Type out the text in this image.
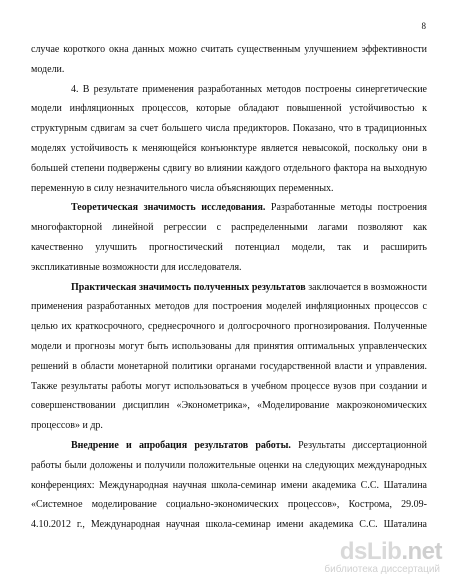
8

случае короткого окна данных можно считать существенным улучшением эффективности модели.

4. В результате применения разработанных методов построены синергетические модели инфляционных процессов, которые обладают повышенной устойчивостью к структурным сдвигам за счет большего числа предикторов. Показано, что в традиционных моделях устойчивость к меняющейся конъюнктуре является невысокой, поскольку они в большей степени подвержены сдвигу во влиянии каждого отдельного фактора на выходную переменную в силу незначительного числа объясняющих переменных.

Теоретическая значимость исследования. Разработанные методы построения многофакторной линейной регрессии с распределенными лагами позволяют как качественно улучшить прогностический потенциал модели, так и расширить экспликативные возможности для исследователя.

Практическая значимость полученных результатов заключается в возможности применения разработанных методов для построения моделей инфляционных процессов с целью их краткосрочного, среднесрочного и долгосрочного прогнозирования. Полученные модели и прогнозы могут быть использованы для принятия оптимальных управленческих решений в области монетарной политики органами государственной власти и управления. Также результаты работы могут использоваться в учебном процессе вузов при создании и совершенствовании дисциплин «Эконометрика», «Моделирование макроэкономических процессов» и др.

Внедрение и апробация результатов работы. Результаты диссертационной работы были доложены и получили положительные оценки на следующих международных конференциях: Международная научная школа-семинар имени академика С.С. Шаталина «Системное моделирование социально-экономических процессов», Кострома, 29.09-4.10.2012 г., Международная научная школа-семинар имени академика С.С. Шаталина

dsLib.net
библиотека диссертаций
